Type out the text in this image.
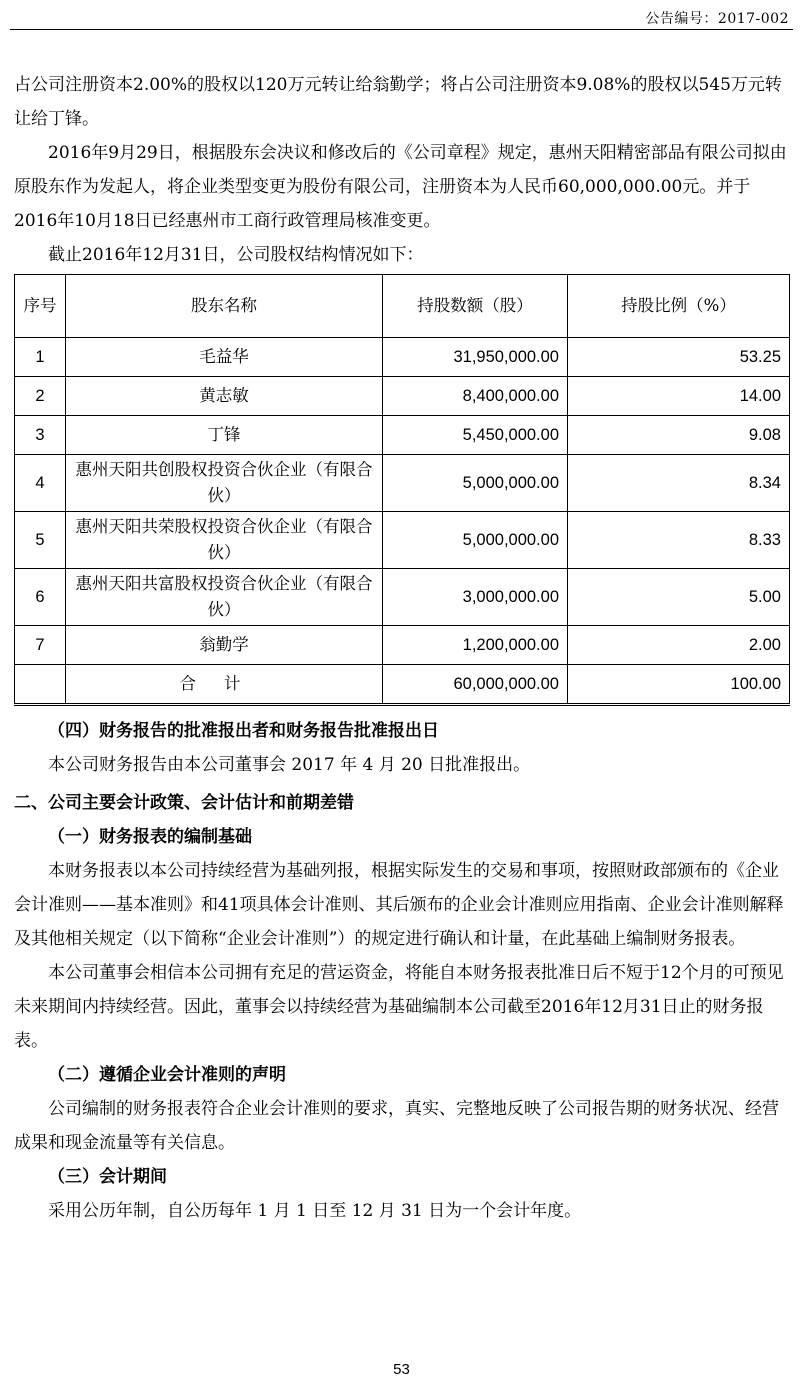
公告编号：2017-002

占公司注册资本2.00%的股权以120万元转让给翁勤学；将占公司注册资本9.08%的股权以545万元转让给丁锋。

2016年9月29日，根据股东会决议和修改后的《公司章程》规定，惠州天阳精密部品有限公司拟由原股东作为发起人，将企业类型变更为股份有限公司，注册资本为人民币60,000,000.00元。并于2016年10月18日已经惠州市工商行政管理局核准变更。

截止2016年12月31日，公司股权结构情况如下：

序号	股东名称	持股数额（股）	持股比例（%）
1	毛益华	31,950,000.00	53.25
2	黄志敏	8,400,000.00	14.00
3	丁锋	5,450,000.00	9.08
4	惠州天阳共创股权投资合伙企业（有限合伙）	5,000,000.00	8.34
5	惠州天阳共荣股权投资合伙企业（有限合伙）	5,000,000.00	8.33
6	惠州天阳共富股权投资合伙企业（有限合伙）	3,000,000.00	5.00
7	翁勤学	1,200,000.00	2.00
	合计	60,000,000.00	100.00

（四）财务报告的批准报出者和财务报告批准报出日

本公司财务报告由本公司董事会 2017 年 4 月 20 日批准报出。

二、公司主要会计政策、会计估计和前期差错

（一）财务报表的编制基础

本财务报表以本公司持续经营为基础列报，根据实际发生的交易和事项，按照财政部颁布的《企业会计准则——基本准则》和41项具体会计准则、其后颁布的企业会计准则应用指南、企业会计准则解释及其他相关规定（以下简称“企业会计准则”）的规定进行确认和计量，在此基础上编制财务报表。

本公司董事会相信本公司拥有充足的营运资金，将能自本财务报表批准日后不短于12个月的可预见未来期间内持续经营。因此，董事会以持续经营为基础编制本公司截至2016年12月31日止的财务报表。

（二）遵循企业会计准则的声明

公司编制的财务报表符合企业会计准则的要求，真实、完整地反映了公司报告期的财务状况、经营成果和现金流量等有关信息。

（三）会计期间

采用公历年制，自公历每年 1 月 1 日至 12 月 31 日为一个会计年度。

53
